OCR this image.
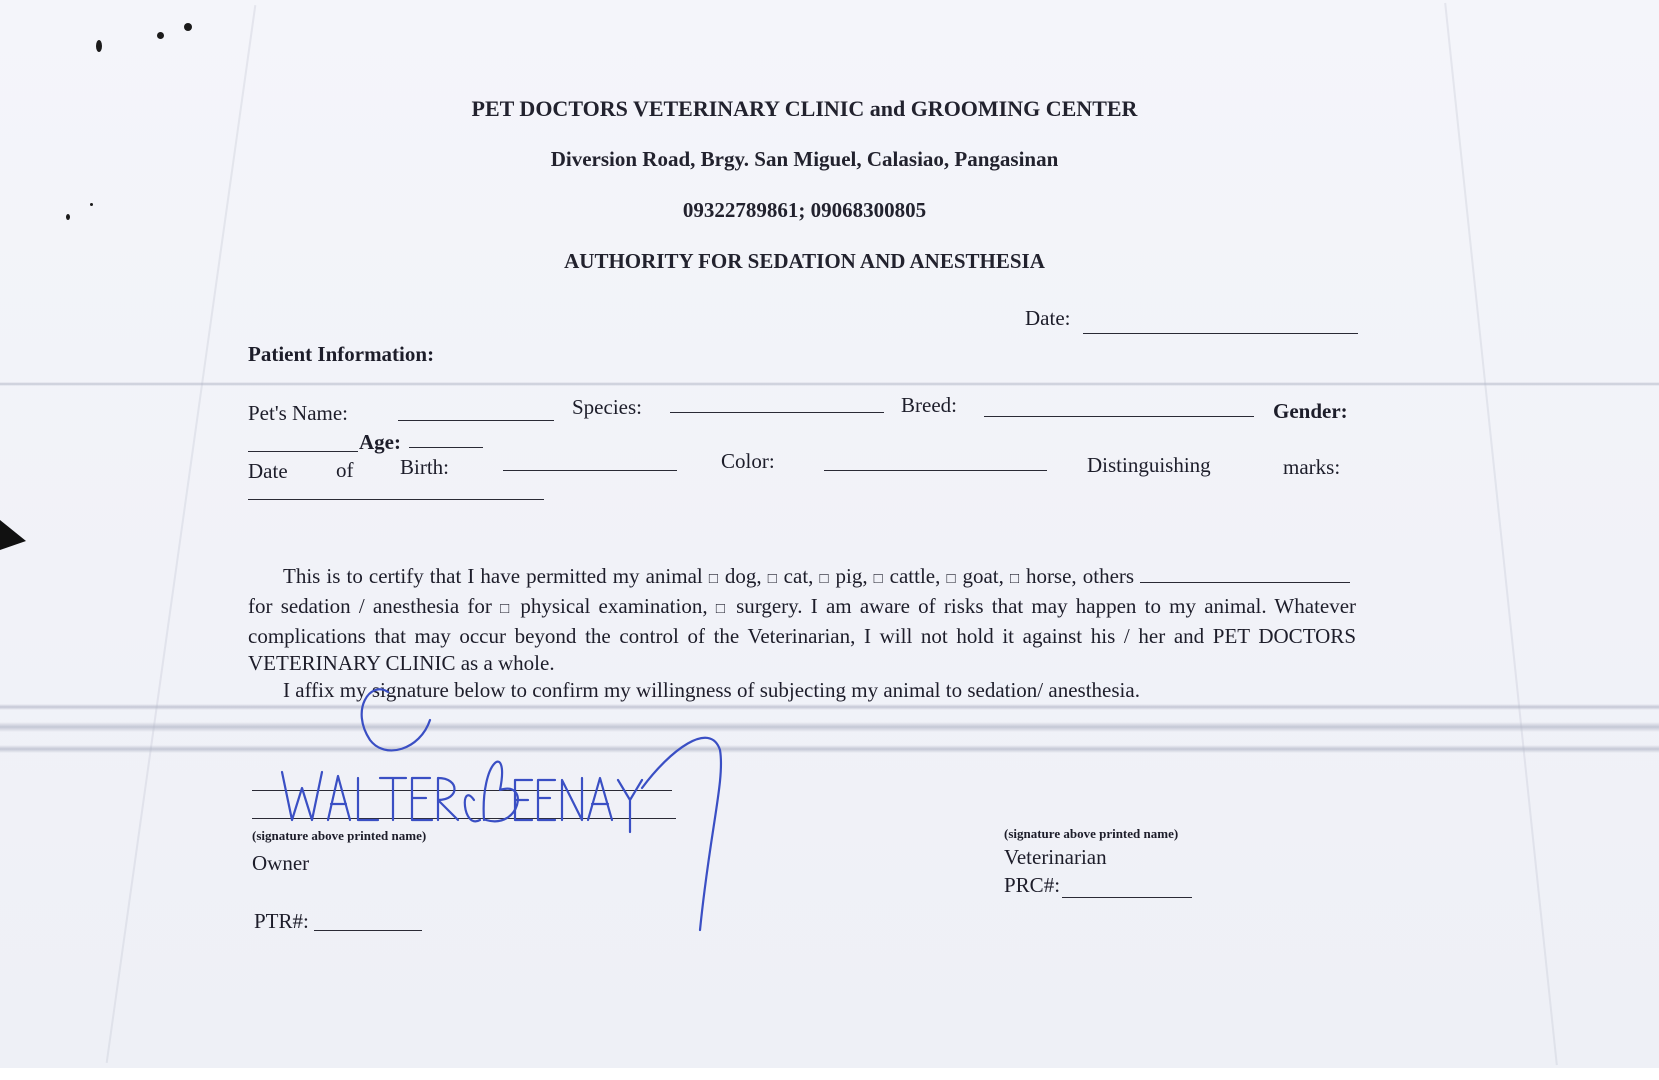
PET DOCTORS VETERINARY CLINIC and GROOMING CENTER
Diversion Road, Brgy. San Miguel, Calasiao, Pangasinan
09322789861; 09068300805
AUTHORITY FOR SEDATION AND ANESTHESIA
Date:
Patient Information:
Pet's Name:	Species:	Breed:	Gender:
Age:
Date of Birth:	Color:	Distinguishing	marks:

This is to certify that I have permitted my animal □ dog, □ cat, □ pig, □ cattle, □ goat, □ horse, others  for sedation / anesthesia for □ physical examination, □ surgery. I am aware of risks that may happen to my animal. Whatever complications that may occur beyond the control of the Veterinarian, I will not hold it against his / her and PET DOCTORS VETERINARY CLINIC as a whole.

I affix my signature below to confirm my willingness of subjecting my animal to sedation/ anesthesia.

(signature above printed name)
Owner
PTR#:
(signature above printed name)
Veterinarian
PRC#:
